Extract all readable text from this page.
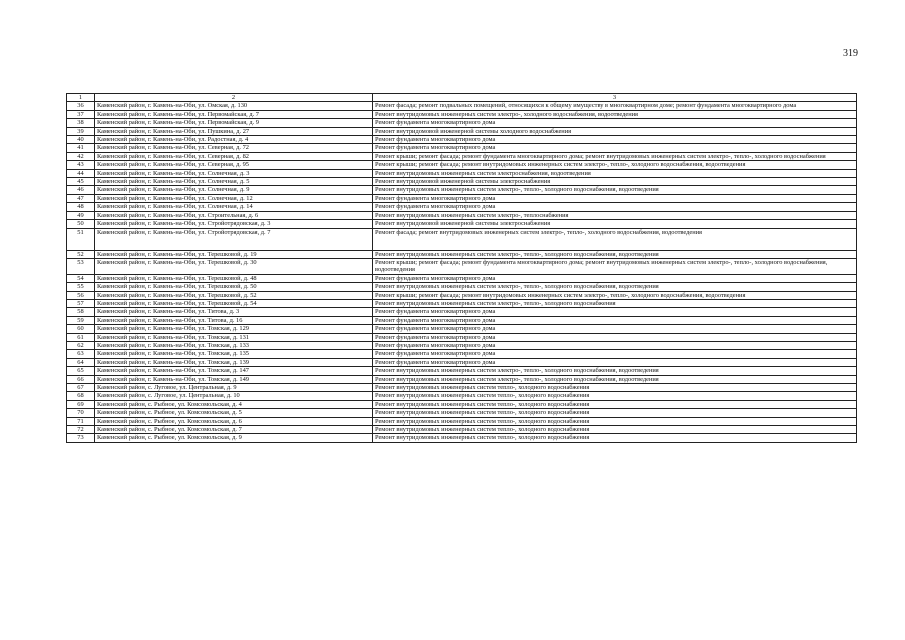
319
1	2	3
36	Каменский район, г. Камень-на-Оби, ул. Омская, д. 130	Ремонт фасада; ремонт подвальных помещений, относящихся к общему имуществу в многоквартирном доме; ремонт фундамента многоквартирного дома
37	Каменский район, г. Камень-на-Оби, ул. Первомайская, д. 7	Ремонт внутридомовых инженерных систем электро-, холодного водоснабжения, водоотведения
38	Каменский район, г. Камень-на-Оби, ул. Первомайская, д. 9	Ремонт фундамента многоквартирного дома
39	Каменский район, г. Камень-на-Оби, ул. Пушкина, д. 27	Ремонт внутридомовой инженерной системы холодного водоснабжения
40	Каменский район, г. Камень-на-Оби, ул. Радостная, д. 4	Ремонт фундамента многоквартирного дома
41	Каменский район, г. Камень-на-Оби, ул. Северная, д. 72	Ремонт фундамента многоквартирного дома
42	Каменский район, г. Камень-на-Оби, ул. Северная, д. 82	Ремонт крыши; ремонт фасада; ремонт фундамента многоквартирного дома; ремонт внутридомовых инженерных систем электро-, тепло-, холодного водоснабжения
43	Каменский район, г. Камень-на-Оби, ул. Северная, д. 95	Ремонт крыши; ремонт фасада; ремонт внутридомовых инженерных систем электро-, тепло-, холодного водоснабжения, водоотведения
44	Каменский район, г. Камень-на-Оби, ул. Солнечная, д. 3	Ремонт внутридомовых инженерных систем электроснабжения, водоотведения
45	Каменский район, г. Камень-на-Оби, ул. Солнечная, д. 5	Ремонт внутридомовой инженерной системы электроснабжения
46	Каменский район, г. Камень-на-Оби, ул. Солнечная, д. 9	Ремонт внутридомовых инженерных систем электро-, тепло-, холодного водоснабжения, водоотведения
47	Каменский район, г. Камень-на-Оби, ул. Солнечная, д. 12	Ремонт фундамента многоквартирного дома
48	Каменский район, г. Камень-на-Оби, ул. Солнечная, д. 14	Ремонт фундамента многоквартирного дома
49	Каменский район, г. Камень-на-Оби, ул. Строительная, д. 6	Ремонт внутридомовых инженерных систем электро-, теплоснабжения
50	Каменский район, г. Камень-на-Оби, ул. Стройотрядовская, д. 3	Ремонт внутридомовой инженерной системы электроснабжения
51	Каменский район, г. Камень-на-Оби, ул. Стройотрядовская, д. 7	Ремонт фасада; ремонт внутридомовых инженерных систем электро-, тепло-, холодного водоснабжения, водоотведения
52	Каменский район, г. Камень-на-Оби, ул. Терешковой, д. 19	Ремонт внутридомовых инженерных систем электро-, тепло-, холодного водоснабжения, водоотведения
53	Каменский район, г. Камень-на-Оби, ул. Терешковой, д. 30	Ремонт крыши; ремонт фасада; ремонт фундамента многоквартирного дома; ремонт внутридомовых инженерных систем электро-, тепло-, холодного водоснабжения, водоотведения
54	Каменский район, г. Камень-на-Оби, ул. Терешковой, д. 48	Ремонт фундамента многоквартирного дома
55	Каменский район, г. Камень-на-Оби, ул. Терешковой, д. 50	Ремонт внутридомовых инженерных систем электро-, тепло-, холодного водоснабжения, водоотведения
56	Каменский район, г. Камень-на-Оби, ул. Терешковой, д. 52	Ремонт крыши; ремонт фасада; ремонт внутридомовых инженерных систем электро-, тепло-, холодного водоснабжения, водоотведения
57	Каменский район, г. Камень-на-Оби, ул. Терешковой, д. 54	Ремонт внутридомовых инженерных систем электро-, тепло-, холодного водоснабжения
58	Каменский район, г. Камень-на-Оби, ул. Титова, д. 3	Ремонт фундамента многоквартирного дома
59	Каменский район, г. Камень-на-Оби, ул. Титова, д. 16	Ремонт фундамента многоквартирного дома
60	Каменский район, г. Камень-на-Оби, ул. Томская, д. 129	Ремонт фундамента многоквартирного дома
61	Каменский район, г. Камень-на-Оби, ул. Томская, д. 131	Ремонт фундамента многоквартирного дома
62	Каменский район, г. Камень-на-Оби, ул. Томская, д. 133	Ремонт фундамента многоквартирного дома
63	Каменский район, г. Камень-на-Оби, ул. Томская, д. 135	Ремонт фундамента многоквартирного дома
64	Каменский район, г. Камень-на-Оби, ул. Томская, д. 139	Ремонт фундамента многоквартирного дома
65	Каменский район, г. Камень-на-Оби, ул. Томская, д. 147	Ремонт внутридомовых инженерных систем электро-, тепло-, холодного водоснабжения, водоотведения
66	Каменский район, г. Камень-на-Оби, ул. Томская, д. 149	Ремонт внутридомовых инженерных систем электро-, тепло-, холодного водоснабжения, водоотведения
67	Каменский район, с. Луговое, ул. Центральная, д. 9	Ремонт внутридомовых инженерных систем тепло-, холодного водоснабжения
68	Каменский район, с. Луговое, ул. Центральная, д. 10	Ремонт внутридомовых инженерных систем тепло-, холодного водоснабжения
69	Каменский район, с. Рыбное, ул. Комсомольская, д. 4	Ремонт внутридомовых инженерных систем тепло-, холодного водоснабжения
70	Каменский район, с. Рыбное, ул. Комсомольская, д. 5	Ремонт внутридомовых инженерных систем тепло-, холодного водоснабжения
71	Каменский район, с. Рыбное, ул. Комсомольская, д. 6	Ремонт внутридомовых инженерных систем тепло-, холодного водоснабжения
72	Каменский район, с. Рыбное, ул. Комсомольская, д. 7	Ремонт внутридомовых инженерных систем тепло-, холодного водоснабжения
73	Каменский район, с. Рыбное, ул. Комсомольская, д. 9	Ремонт внутридомовых инженерных систем тепло-, холодного водоснабжения
